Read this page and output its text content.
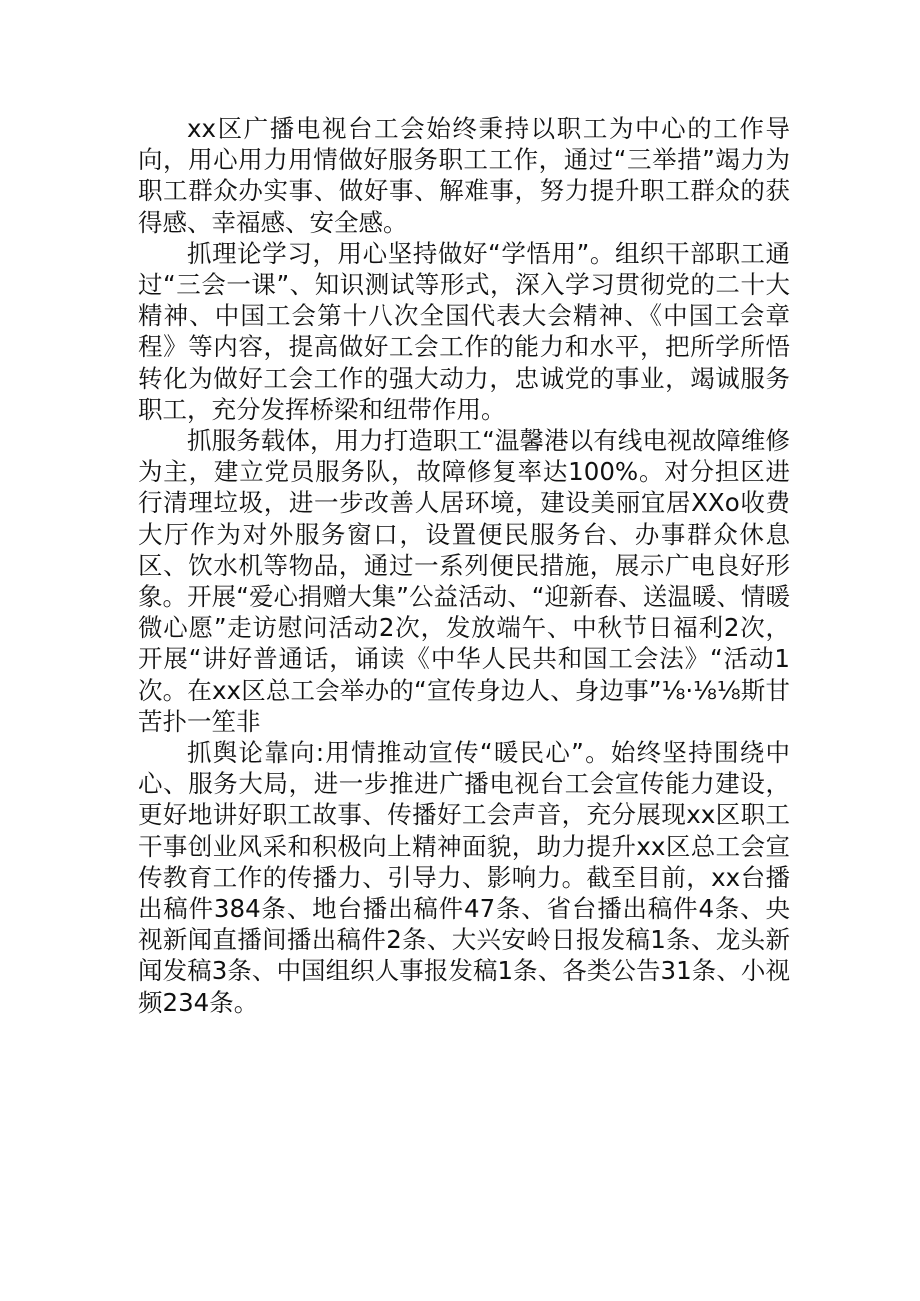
xx区广播电视台工会始终秉持以职工为中心的工作导向，用心用力用情做好服务职工工作，通过“三举措”竭力为职工群众办实事、做好事、解难事，努力提升职工群众的获得感、幸福感、安全感。

抓理论学习，用心坚持做好“学悟用”。组织干部职工通过“三会一课”、知识测试等形式，深入学习贯彻党的二十大精神、中国工会第十八次全国代表大会精神、《中国工会章程》等内容，提高做好工会工作的能力和水平，把所学所悟转化为做好工会工作的强大动力，忠诚党的事业，竭诚服务职工，充分发挥桥梁和纽带作用。

抓服务载体，用力打造职工“温馨港以有线电视故障维修为主，建立党员服务队，故障修复率达100%。对分担区进行清理垃圾，进一步改善人居环境，建设美丽宜居XXo收费大厅作为对外服务窗口，设置便民服务台、办事群众休息区、饮水机等物品，通过一系列便民措施，展示广电良好形象。开展“爱心捐赠大集”公益活动、“迎新春、送温暖、情暖微心愿”走访慰问活动2次，发放端午、中秋节日福利2次，开展“讲好普通话，诵读《中华人民共和国工会法》“活动1次。在xx区总工会举办的“宣传身边人、身边事”⅛·⅛⅛斯甘苦扑一笙非

抓舆论靠向:用情推动宣传“暖民心”。始终坚持围绕中心、服务大局，进一步推进广播电视台工会宣传能力建设，更好地讲好职工故事、传播好工会声音，充分展现xx区职工干事创业风采和积极向上精神面貌，助力提升xx区总工会宣传教育工作的传播力、引导力、影响力。截至目前，xx台播出稿件384条、地台播出稿件47条、省台播出稿件4条、央视新闻直播间播出稿件2条、大兴安岭日报发稿1条、龙头新闻发稿3条、中国组织人事报发稿1条、各类公告31条、小视频234条。
